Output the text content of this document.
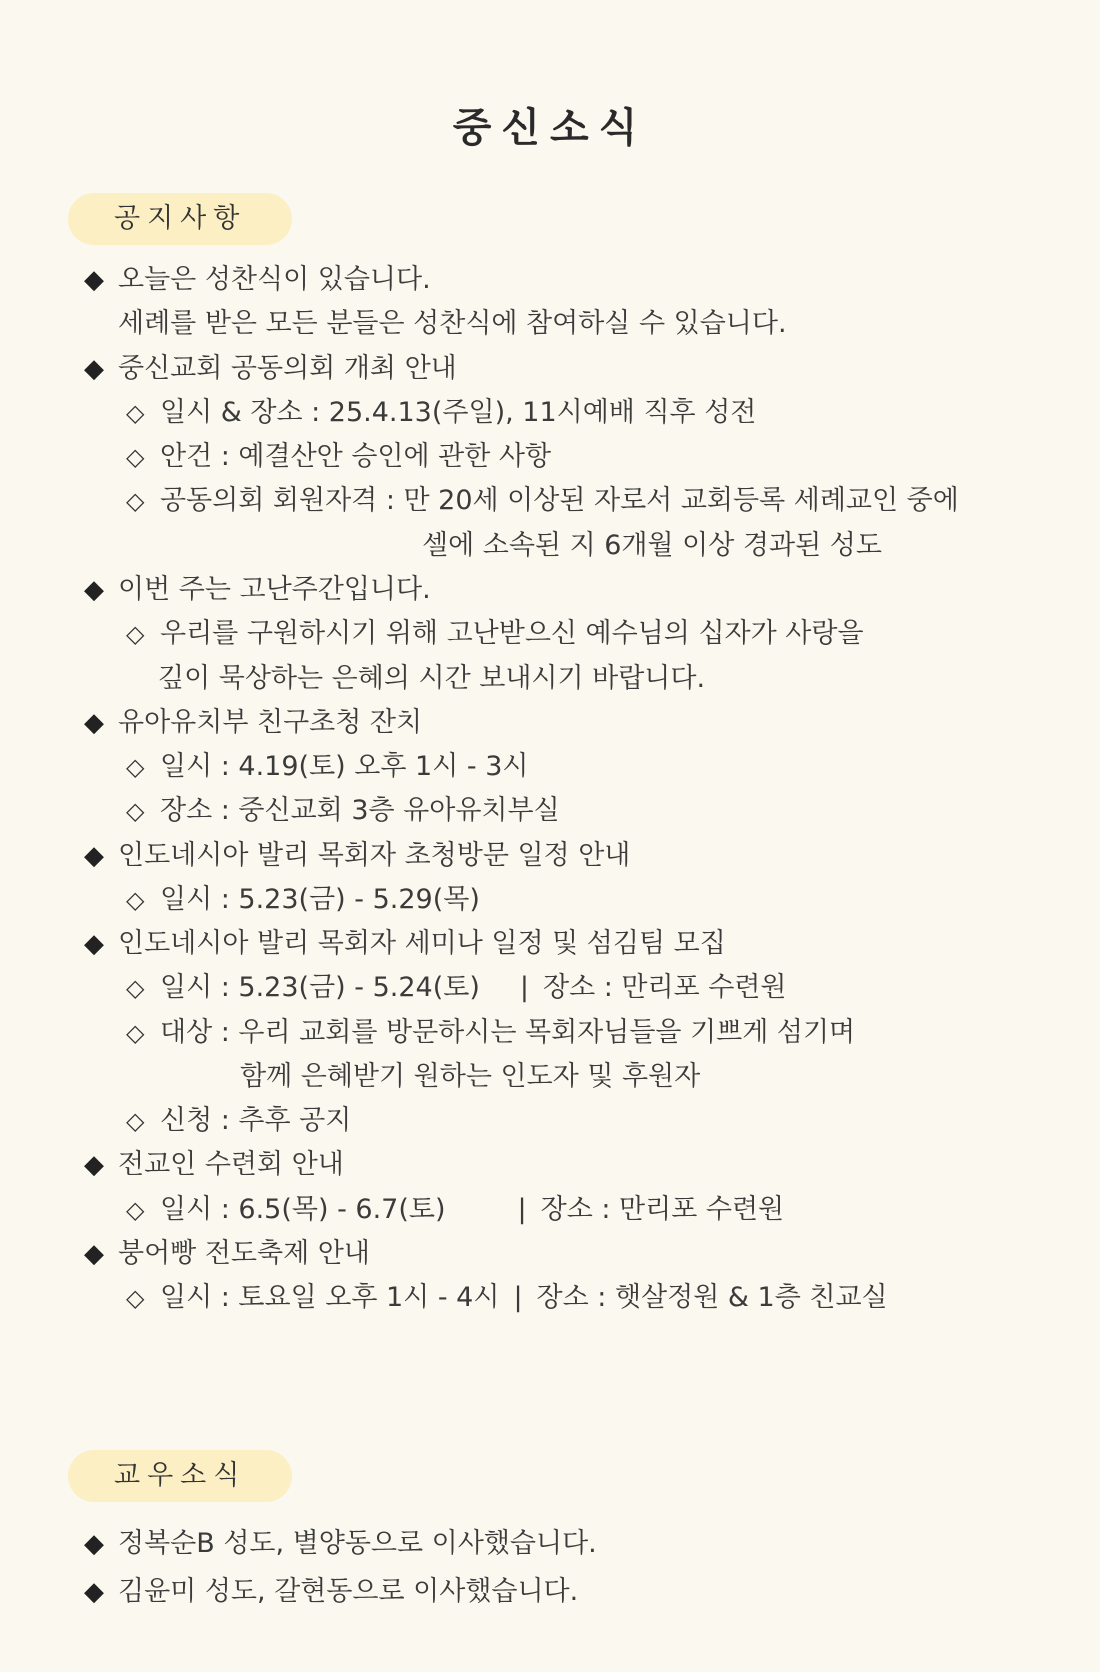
중신소식
공지사항
◆ 오늘은 성찬식이 있습니다.
세례를 받은 모든 분들은 성찬식에 참여하실 수 있습니다.
◆ 중신교회 공동의회 개최 안내
◇ 일시 & 장소 : 25.4.13(주일), 11시예배 직후 성전
◇ 안건 : 예결산안 승인에 관한 사항
◇ 공동의회 회원자격 : 만 20세 이상된 자로서 교회등록 세례교인 중에
셀에 소속된 지 6개월 이상 경과된 성도
◆ 이번 주는 고난주간입니다.
◇ 우리를 구원하시기 위해 고난받으신 예수님의 십자가 사랑을
깊이 묵상하는 은혜의 시간 보내시기 바랍니다.
◆ 유아유치부 친구초청 잔치
◇ 일시 : 4.19(토) 오후 1시 - 3시
◇ 장소 : 중신교회 3층 유아유치부실
◆ 인도네시아 발리 목회자 초청방문 일정 안내
◇ 일시 : 5.23(금) - 5.29(목)
◆ 인도네시아 발리 목회자 세미나 일정 및 섬김팀 모집
◇ 일시 : 5.23(금) - 5.24(토) | 장소 : 만리포 수련원
◇ 대상 : 우리 교회를 방문하시는 목회자님들을 기쁘게 섬기며
함께 은혜받기 원하는 인도자 및 후원자
◇ 신청 : 추후 공지
◆ 전교인 수련회 안내
◇ 일시 : 6.5(목) - 6.7(토)	| 장소 : 만리포 수련원
◆ 붕어빵 전도축제 안내
◇ 일시 : 토요일 오후 1시 - 4시 | 장소 : 햇살정원 & 1층 친교실
교우소식
◆ 정복순B 성도, 별양동으로 이사했습니다.
◆ 김윤미 성도, 갈현동으로 이사했습니다.
